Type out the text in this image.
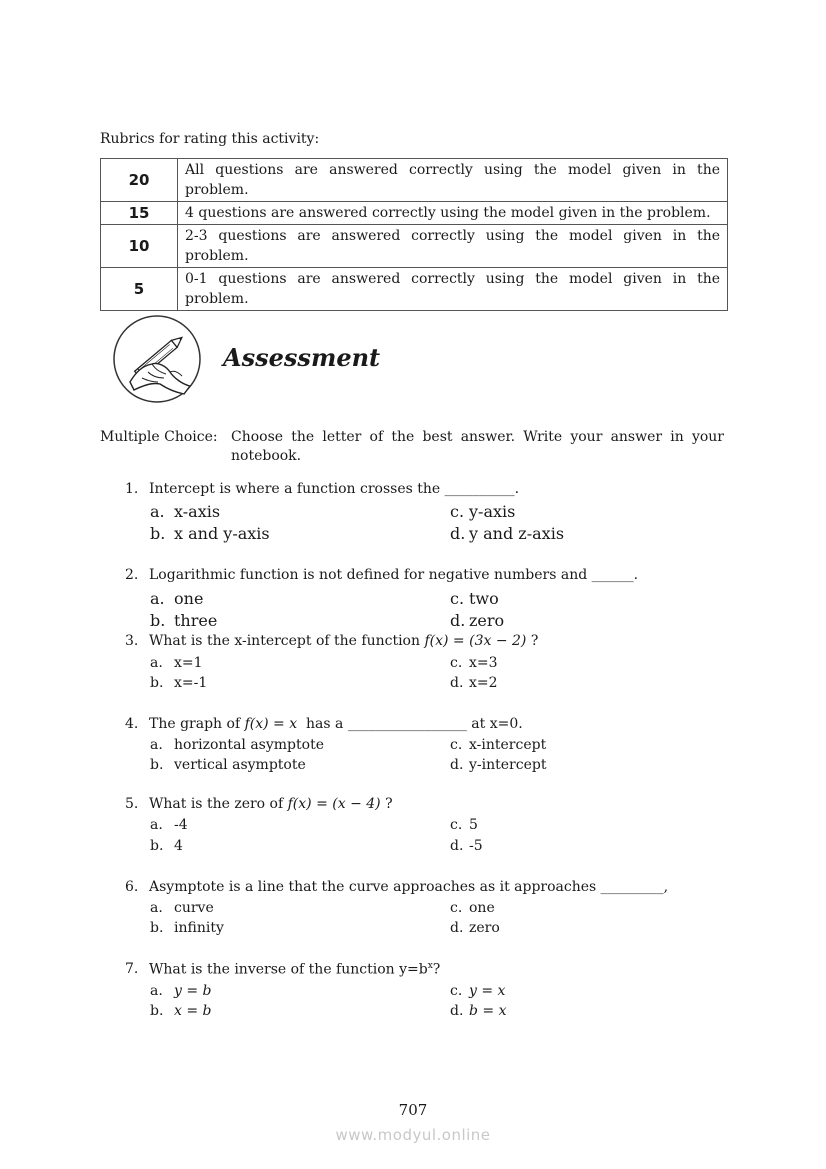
Rubrics for rating this activity:
20	All questions are answered correctly using the model given in the problem.
15	4 questions are answered correctly using the model given in the problem.
10	2-3 questions are answered correctly using the model given in the problem.
5	0-1 questions are answered correctly using the model given in the problem.
Assessment
Multiple Choice: Choose the letter of the best answer. Write your answer in your notebook.
1. Intercept is where a function crosses the __________.
a. x-axis
b. x and y-axis
c. y-axis
d. y and z-axis
2. Logarithmic function is not defined for negative numbers and ______.
a. one
b. three
c. two
d. zero
3. What is the x-intercept of the function f(x) = (3x − 2) ?
a. x=1
b. x=-1
c. x=3
d. x=2
4. The graph of f(x) = x  has a _________________ at x=0.
a. horizontal asymptote
b. vertical asymptote
c. x-intercept
d. y-intercept
5. What is the zero of f(x) = (x − 4) ?
a. -4
b. 4
c. 5
d. -5
6. Asymptote is a line that the curve approaches as it approaches _________,
a. curve
b. infinity
c. one
d. zero
7. What is the inverse of the function $y=b^x$?
a. y = b
b. x = b
c. y = x
d. b = x
707
www.modyul.online
